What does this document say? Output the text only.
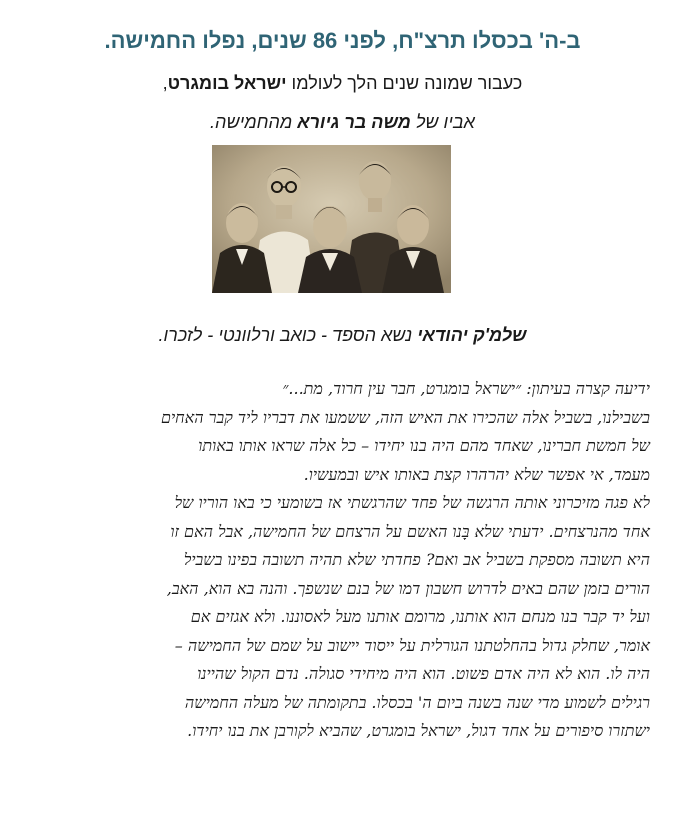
ב-ה' בכסלו תרצ"ח, לפני 86 שנים, נפלו החמישה.
כעבור שמונה שנים הלך לעולמו ישראל בומגרט,
אביו של משה בר גיורא מהחמישה.
שלמ'ק יהודאי נשא הספד - כואב ורלוונטי - לזכרו.
ידיעה קצרה בעיתון: ״ישראל בומגרט, חבר עין חרוד, מת...״
בשבילנו, בשביל אלה שהכירו את האיש הזה, ששמעו את דבריו ליד קבר האחים
של חמשת חברינו, שאחד מהם היה בנו יחידו – כל אלה שראו אותו באותו
מעמד, אי אפשר שלא יהרהרו קצת באותו איש ובמעשיו.
לא פגה מזיכרוני אותה הרגשה של פחד שהרגשתי אז בשומעי כי באו הוריו של
אחד מהנרצחים. ידעתי שלא בָּנו האשם על הרצחם של החמישה, אבל האם זו
היא תשובה מספקת בשביל אב ואם? פחדתי שלא תהיה תשובה בפינו בשביל
הורים בזמן שהם באים לדרוש חשבון דמו של בנם שנשפך. והנה בא הוא, האב,
ועל יד קבר בנו מנחם הוא אותנו, מרומם אותנו מעל לאסוננו. ולא אגזים אם
אומר, שחלק גדול בהחלטתנו הגורלית על ייסוד יישוב על שמם של החמישה –
היה לו. הוא לא היה אדם פשוט. הוא היה מיחידי סגולה. נדם הקול שהיינו
רגילים לשמוע מדי שנה בשנה ביום ה' בכסלו. בתקומתה של מעלה החמישה
ישתזרו סיפורים על אחד דגול, ישראל בומגרט, שהביא לקורבן את בנו יחידו.
